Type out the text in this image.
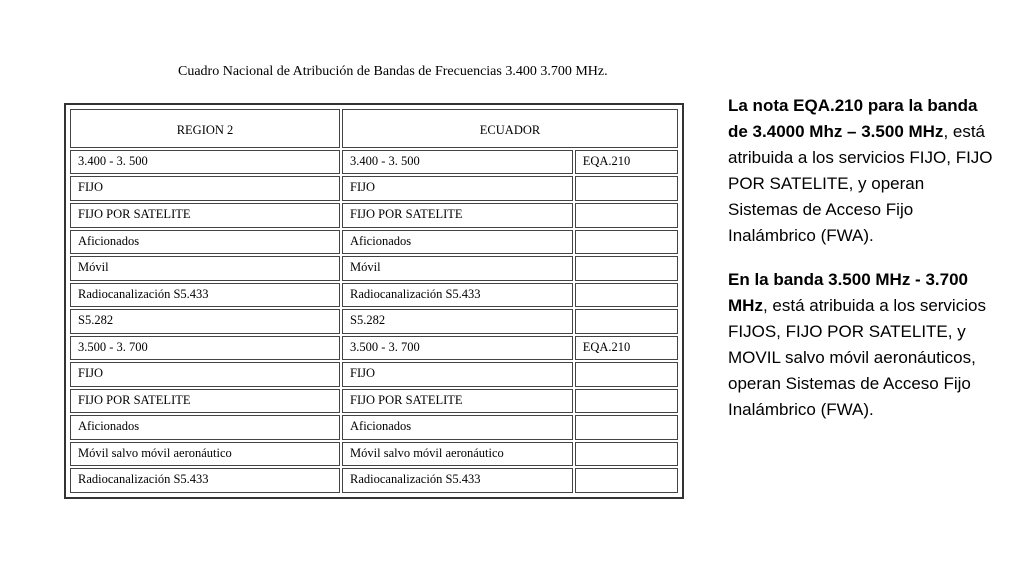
Cuadro Nacional de Atribución de Bandas de Frecuencias 3.400 3.700 MHz.
REGION 2	ECUADOR	
3.400 - 3. 500	3.400 - 3. 500	EQA.210
FIJO	FIJO	
FIJO POR SATELITE	FIJO POR SATELITE	
Aficionados	Aficionados	
Móvil	Móvil	
Radiocanalización S5.433	Radiocanalización S5.433	
S5.282	S5.282	
3.500 - 3. 700	3.500 - 3. 700	EQA.210
FIJO	FIJO	
FIJO POR SATELITE	FIJO POR SATELITE	
Aficionados	Aficionados	
Móvil salvo móvil aeronáutico	Móvil salvo móvil aeronáutico	
Radiocanalización S5.433	Radiocanalización S5.433	

La nota EQA.210 para la banda de 3.4000 Mhz – 3.500 MHz, está atribuida a los servicios FIJO, FIJO POR SATELITE, y operan Sistemas de Acceso Fijo Inalámbrico (FWA).

En la banda 3.500 MHz - 3.700 MHz, está atribuida a los servicios FIJOS, FIJO POR SATELITE, y MOVIL salvo móvil aeronáuticos, operan Sistemas de Acceso Fijo Inalámbrico (FWA).
